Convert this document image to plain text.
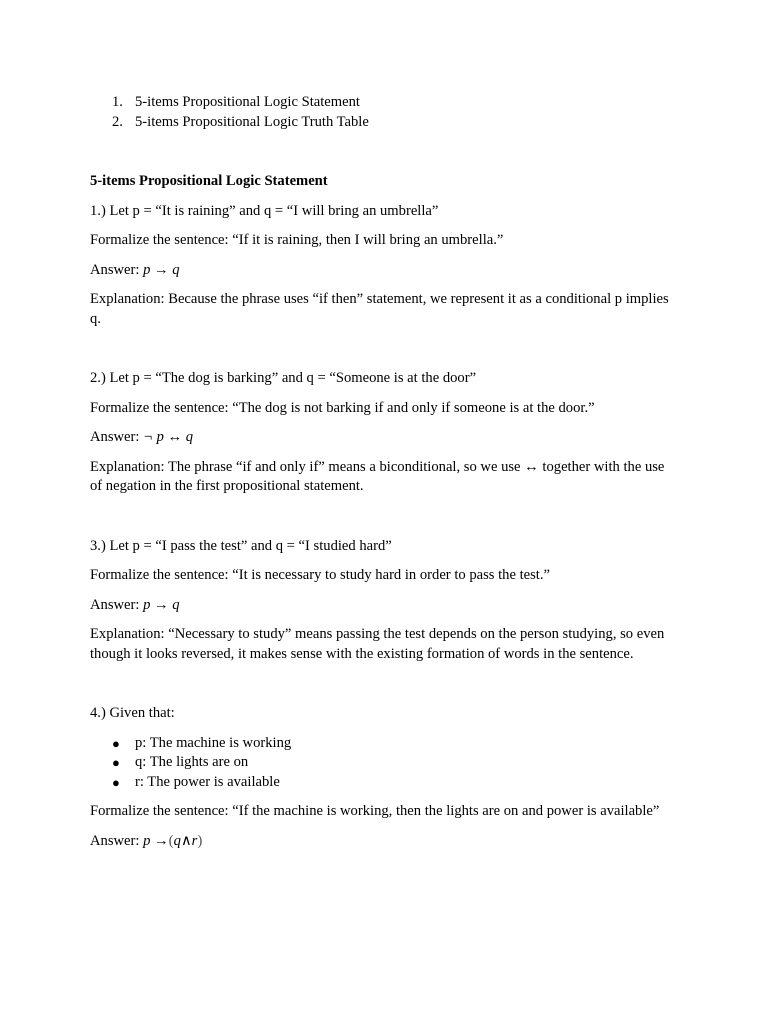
1. 5-items Propositional Logic Statement
2. 5-items Propositional Logic Truth Table
5-items Propositional Logic Statement

1.) Let p = “It is raining” and q = “I will bring an umbrella”

Formalize the sentence: “If it is raining, then I will bring an umbrella.”

Answer: p → q

Explanation: Because the phrase uses “if then” statement, we represent it as a conditional p implies q.

2.) Let p = “The dog is barking” and q = “Someone is at the door”

Formalize the sentence: “The dog is not barking if and only if someone is at the door.”

Answer: ¬ p ↔ q

Explanation: The phrase “if and only if” means a biconditional, so we use ↔ together with the use of negation in the first propositional statement.

3.) Let p = “I pass the test” and q = “I studied hard”

Formalize the sentence: “It is necessary to study hard in order to pass the test.”

Answer: p → q

Explanation: “Necessary to study” means passing the test depends on the person studying, so even though it looks reversed, it makes sense with the existing formation of words in the sentence.

4.) Given that:

● p: The machine is working
● q: The lights are on
● r: The power is available

Formalize the sentence: “If the machine is working, then the lights are on and power is available”

Answer: p →(q∧r)
